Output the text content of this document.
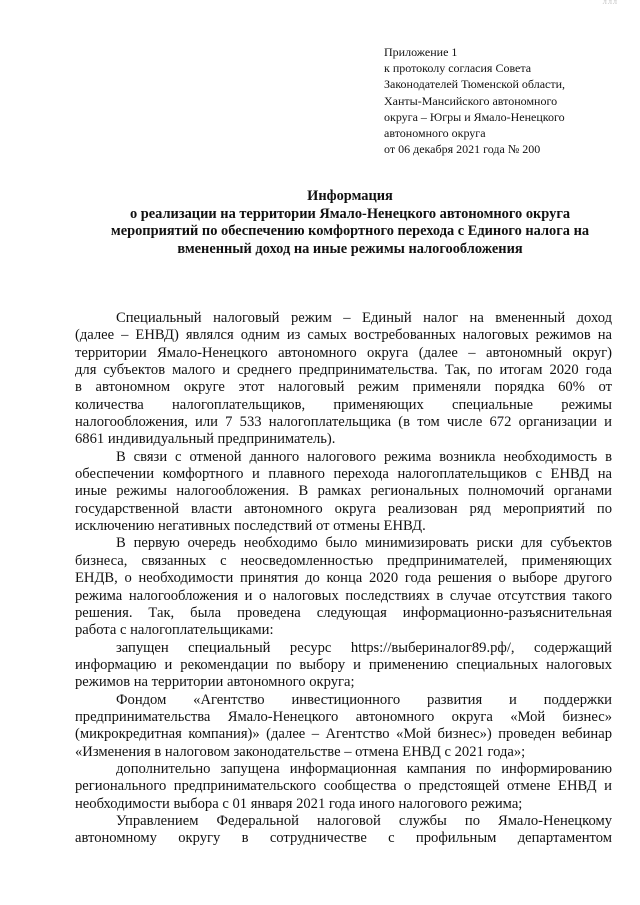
ЛЛЛ
Приложение 1
к протоколу согласия Совета
Законодателей Тюменской области,
Ханты-Мансийского автономного
округа – Югры и Ямало-Ненецкого
автономного округа
от 06 декабря 2021 года № 200
Информация
о реализации на территории Ямало-Ненецкого автономного округа
мероприятий по обеспечению комфортного перехода с Единого налога на
вмененный доход на иные режимы налогообложения

Специальный налоговый режим – Единый налог на вмененный доход
(далее – ЕНВД) являлся одним из самых востребованных налоговых режимов на
территории Ямало-Ненецкого автономного округа (далее – автономный округ)
для субъектов малого и среднего предпринимательства. Так, по итогам 2020 года
в автономном округе этот налоговый режим применяли порядка 60% от
количества налогоплательщиков, применяющих специальные режимы
налогообложения, или 7 533 налогоплательщика (в том числе 672 организации и
6861 индивидуальный предприниматель).

В связи с отменой данного налогового режима возникла необходимость в
обеспечении комфортного и плавного перехода налогоплательщиков с ЕНВД на
иные режимы налогообложения. В рамках региональных полномочий органами
государственной власти автономного округа реализован ряд мероприятий по
исключению негативных последствий от отмены ЕНВД.

В первую очередь необходимо было минимизировать риски для субъектов
бизнеса, связанных с неосведомленностью предпринимателей, применяющих
ЕНДВ, о необходимости принятия до конца 2020 года решения о выборе другого
режима налогообложения и о налоговых последствиях в случае отсутствия такого
решения. Так, была проведена следующая информационно-разъяснительная
работа с налогоплательщиками:

запущен специальный ресурс https://выбериналог89.рф/, содержащий
информацию и рекомендации по выбору и применению специальных налоговых
режимов на территории автономного округа;

Фондом «Агентство инвестиционного развития и поддержки
предпринимательства Ямало-Ненецкого автономного округа «Мой бизнес»
(микрокредитная компания)» (далее – Агентство «Мой бизнес») проведен вебинар
«Изменения в налоговом законодательстве – отмена ЕНВД с 2021 года»;

дополнительно запущена информационная кампания по информированию
регионального предпринимательского сообщества о предстоящей отмене ЕНВД и
необходимости выбора с 01 января 2021 года иного налогового режима;

Управлением Федеральной налоговой службы по Ямало-Ненецкому
автономному округу в сотрудничестве с профильным департаментом
